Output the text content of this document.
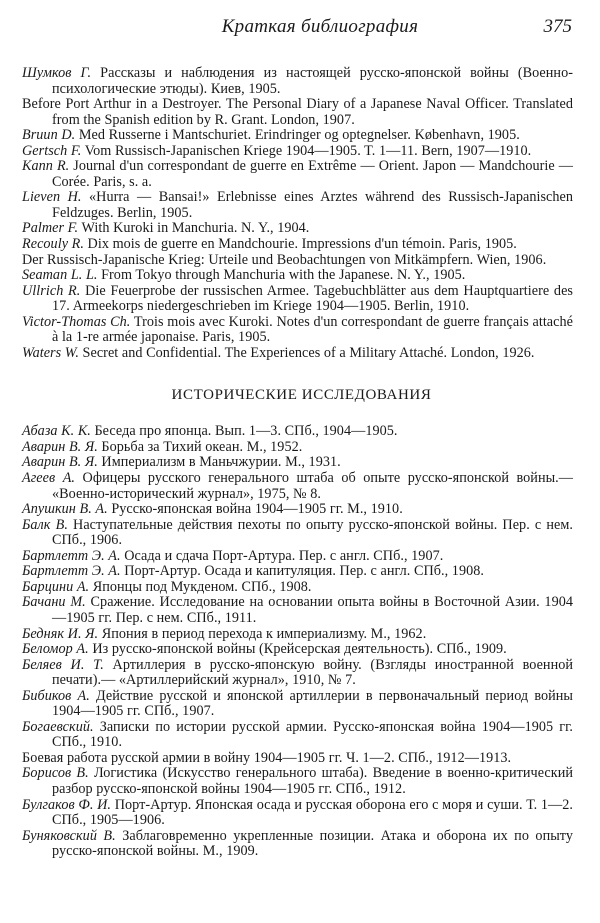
Краткая библиография	375

Шумков Г. Рассказы и наблюдения из настоящей русско-японской войны (Военно-психологические этюды). Киев, 1905.

Before Port Arthur in a Destroyer. The Personal Diary of a Japanese Naval Officer. Translated from the Spanish edition by R. Grant. London, 1907.

Bruun D. Med Russerne i Mantschuriet. Erindringer og optegnelser. København, 1905.

Gertsch F. Vom Russisch-Japanischen Kriege 1904—1905. T. 1—11. Bern, 1907—1910.

Kann R. Journal d'un correspondant de guerre en Extrême — Orient. Japon — Mandchourie — Corée. Paris, s. a.

Lieven H. «Hurra — Bansai!» Erlebnisse eines Arztes während des Russisch-Japanischen Feldzuges. Berlin, 1905.

Palmer F. With Kuroki in Manchuria. N. Y., 1904.

Recouly R. Dix mois de guerre en Mandchourie. Impressions d'un témoin. Paris, 1905.

Der Russisch-Japanische Krieg: Urteile und Beobachtungen von Mitkämpfern. Wien, 1906.

Seaman L. L. From Tokyo through Manchuria with the Japanese. N. Y., 1905.

Ullrich R. Die Feuerprobe der russischen Armee. Tagebuchblätter aus dem Hauptquartiere des 17. Armeekorps niedergeschrieben im Kriege 1904—1905. Berlin, 1910.

Victor-Thomas Ch. Trois mois avec Kuroki. Notes d'un correspondant de guerre français attaché à la 1-re armée japonaise. Paris, 1905.

Waters W. Secret and Confidential. The Experiences of a Military Attaché. London, 1926.

ИСТОРИЧЕСКИЕ ИССЛЕДОВАНИЯ

Абаза К. К. Беседа про японца. Вып. 1—3. СПб., 1904—1905.

Аварин В. Я. Борьба за Тихий океан. М., 1952.

Аварин В. Я. Империализм в Маньчжурии. М., 1931.

Агеев А. Офицеры русского генерального штаба об опыте русско-японской войны.— «Военно-исторический журнал», 1975, № 8.

Апушкин В. А. Русско-японская война 1904—1905 гг. М., 1910.

Балк В. Наступательные действия пехоты по опыту русско-японской войны. Пер. с нем. СПб., 1906.

Бартлетт Э. А. Осада и сдача Порт-Артура. Пер. с англ. СПб., 1907.

Бартлетт Э. А. Порт-Артур. Осада и капитуляция. Пер. с англ. СПб., 1908.

Барцини А. Японцы под Мукденом. СПб., 1908.

Бачани М. Сражение. Исследование на основании опыта войны в Восточной Азии. 1904—1905 гг. Пер. с нем. СПб., 1911.

Бедняк И. Я. Япония в период перехода к империализму. М., 1962.

Беломор А. Из русско-японской войны (Крейсерская деятельность). СПб., 1909.

Беляев И. Т. Артиллерия в русско-японскую войну. (Взгляды иностранной военной печати).— «Артиллерийский журнал», 1910, № 7.

Бибиков А. Действие русской и японской артиллерии в первоначальный период войны 1904—1905 гг. СПб., 1907.

Богаевский. Записки по истории русской армии. Русско-японская война 1904—1905 гг. СПб., 1910.

Боевая работа русской армии в войну 1904—1905 гг. Ч. 1—2. СПб., 1912—1913.

Борисов В. Логистика (Искусство генерального штаба). Введение в военно-критический разбор русско-японской войны 1904—1905 гг. СПб., 1912.

Булгаков Ф. И. Порт-Артур. Японская осада и русская оборона его с моря и суши. Т. 1—2. СПб., 1905—1906.

Буняковский В. Заблаговременно укрепленные позиции. Атака и оборона их по опыту русско-японской войны. М., 1909.
